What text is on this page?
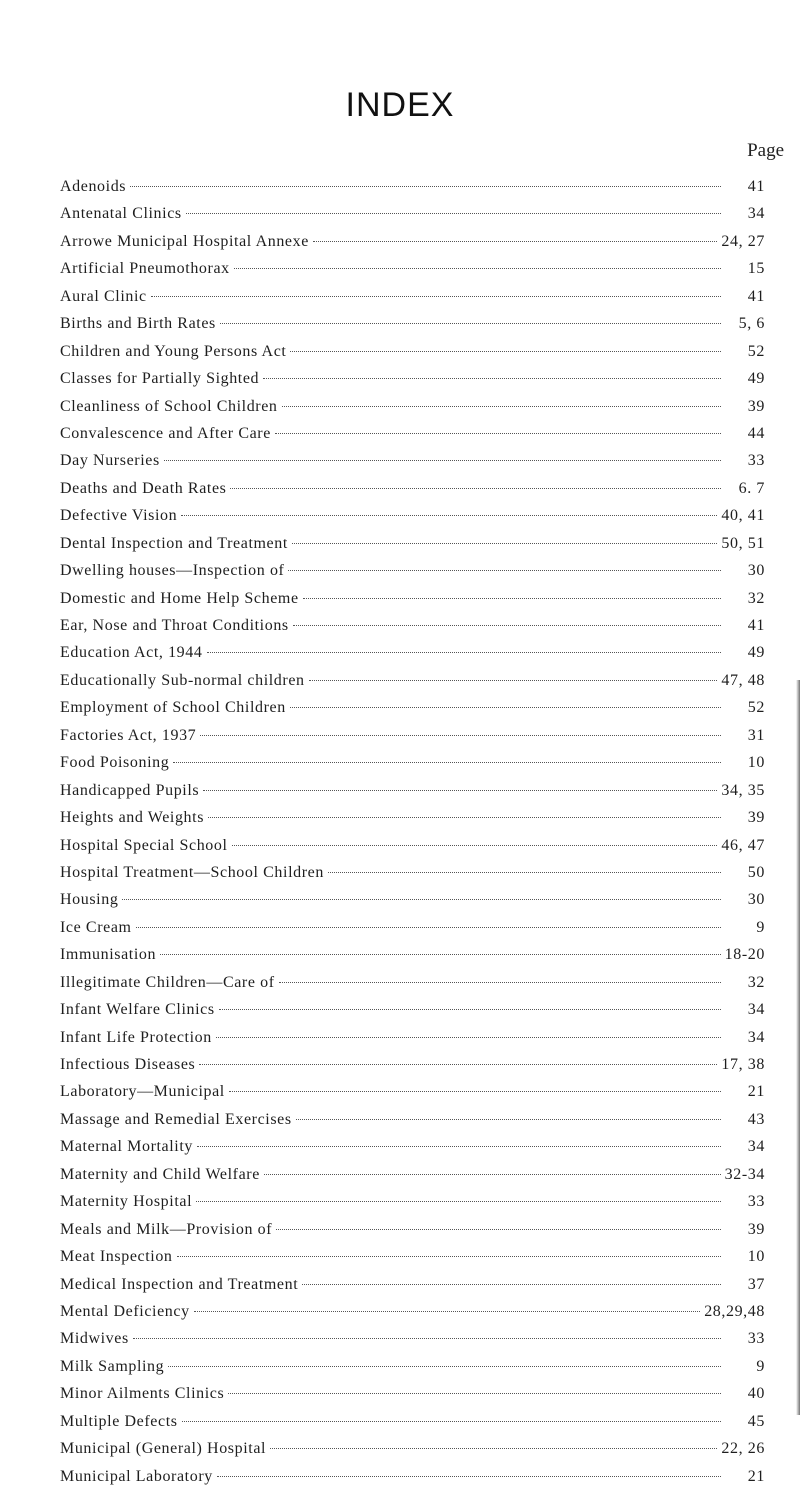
INDEX
Page
Adenoids	41
Antenatal Clinics	34
Arrowe Municipal Hospital Annexe	24, 27
Artificial Pneumothorax	15
Aural Clinic	41
Births and Birth Rates	5, 6
Children and Young Persons Act	52
Classes for Partially Sighted	49
Cleanliness of School Children	39
Convalescence and After Care	44
Day Nurseries	33
Deaths and Death Rates	6. 7
Defective Vision	40, 41
Dental Inspection and Treatment	50, 51
Dwelling houses—Inspection of	30
Domestic and Home Help Scheme	32
Ear, Nose and Throat Conditions	41
Education Act, 1944	49
Educationally Sub-normal children	47, 48
Employment of School Children	52
Factories Act, 1937	31
Food Poisoning	10
Handicapped Pupils	34, 35
Heights and Weights	39
Hospital Special School	46, 47
Hospital Treatment—School Children	50
Housing	30
Ice Cream	9
Immunisation	18-20
Illegitimate Children—Care of	32
Infant Welfare Clinics	34
Infant Life Protection	34
Infectious Diseases	17, 38
Laboratory—Municipal	21
Massage and Remedial Exercises	43
Maternal Mortality	34
Maternity and Child Welfare	32-34
Maternity Hospital	33
Meals and Milk—Provision of	39
Meat Inspection	10
Medical Inspection and Treatment	37
Mental Deficiency	28,29,48
Midwives	33
Milk Sampling	9
Minor Ailments Clinics	40
Multiple Defects	45
Municipal (General) Hospital	22, 26
Municipal Laboratory	21
